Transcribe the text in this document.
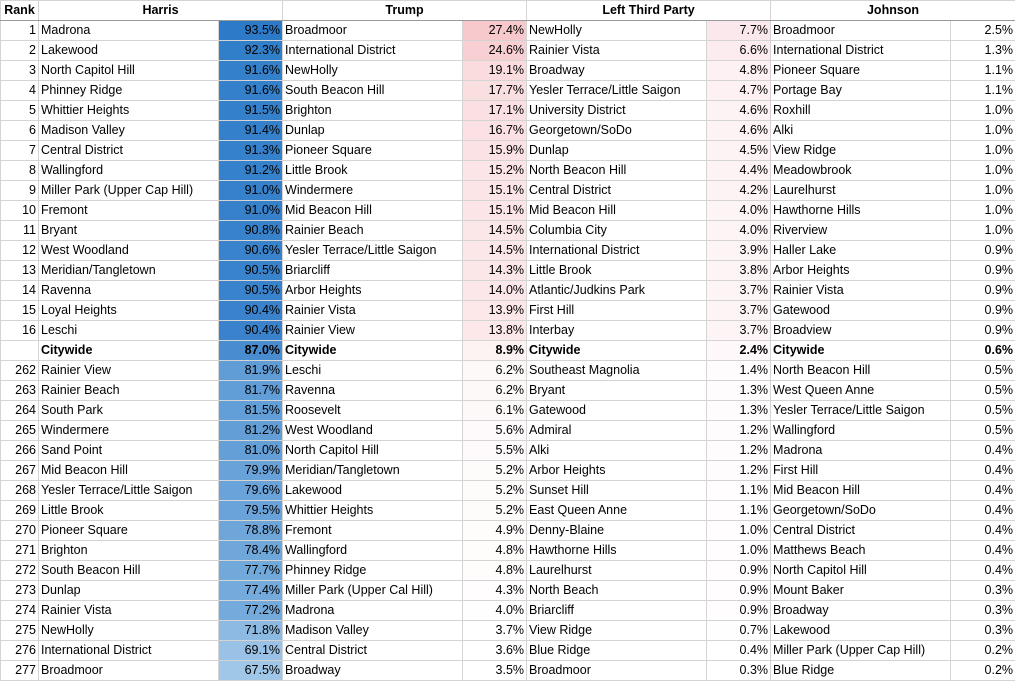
Rank	Harris		Trump		Left Third Party		Johnson	
1	Madrona	93.5%	Broadmoor	27.4%	NewHolly	7.7%	Broadmoor	2.5%
2	Lakewood	92.3%	International District	24.6%	Rainier Vista	6.6%	International District	1.3%
3	North Capitol Hill	91.6%	NewHolly	19.1%	Broadway	4.8%	Pioneer Square	1.1%
4	Phinney Ridge	91.6%	South Beacon Hill	17.7%	Yesler Terrace/Little Saigon	4.7%	Portage Bay	1.1%
5	Whittier Heights	91.5%	Brighton	17.1%	University District	4.6%	Roxhill	1.0%
6	Madison Valley	91.4%	Dunlap	16.7%	Georgetown/SoDo	4.6%	Alki	1.0%
7	Central District	91.3%	Pioneer Square	15.9%	Dunlap	4.5%	View Ridge	1.0%
8	Wallingford	91.2%	Little Brook	15.2%	North Beacon Hill	4.4%	Meadowbrook	1.0%
9	Miller Park (Upper Cap Hill)	91.0%	Windermere	15.1%	Central District	4.2%	Laurelhurst	1.0%
10	Fremont	91.0%	Mid Beacon Hill	15.1%	Mid Beacon Hill	4.0%	Hawthorne Hills	1.0%
11	Bryant	90.8%	Rainier Beach	14.5%	Columbia City	4.0%	Riverview	1.0%
12	West Woodland	90.6%	Yesler Terrace/Little Saigon	14.5%	International District	3.9%	Haller Lake	0.9%
13	Meridian/Tangletown	90.5%	Briarcliff	14.3%	Little Brook	3.8%	Arbor Heights	0.9%
14	Ravenna	90.5%	Arbor Heights	14.0%	Atlantic/Judkins Park	3.7%	Rainier Vista	0.9%
15	Loyal Heights	90.4%	Rainier Vista	13.9%	First Hill	3.7%	Gatewood	0.9%
16	Leschi	90.4%	Rainier View	13.8%	Interbay	3.7%	Broadview	0.9%
	Citywide	87.0%	Citywide	8.9%	Citywide	2.4%	Citywide	0.6%
262	Rainier View	81.9%	Leschi	6.2%	Southeast Magnolia	1.4%	North Beacon Hill	0.5%
263	Rainier Beach	81.7%	Ravenna	6.2%	Bryant	1.3%	West Queen Anne	0.5%
264	South Park	81.5%	Roosevelt	6.1%	Gatewood	1.3%	Yesler Terrace/Little Saigon	0.5%
265	Windermere	81.2%	West Woodland	5.6%	Admiral	1.2%	Wallingford	0.5%
266	Sand Point	81.0%	North Capitol Hill	5.5%	Alki	1.2%	Madrona	0.4%
267	Mid Beacon Hill	79.9%	Meridian/Tangletown	5.2%	Arbor Heights	1.2%	First Hill	0.4%
268	Yesler Terrace/Little Saigon	79.6%	Lakewood	5.2%	Sunset Hill	1.1%	Mid Beacon Hill	0.4%
269	Little Brook	79.5%	Whittier Heights	5.2%	East Queen Anne	1.1%	Georgetown/SoDo	0.4%
270	Pioneer Square	78.8%	Fremont	4.9%	Denny-Blaine	1.0%	Central District	0.4%
271	Brighton	78.4%	Wallingford	4.8%	Hawthorne Hills	1.0%	Matthews Beach	0.4%
272	South Beacon Hill	77.7%	Phinney Ridge	4.8%	Laurelhurst	0.9%	North Capitol Hill	0.4%
273	Dunlap	77.4%	Miller Park (Upper Cal Hill)	4.3%	North Beach	0.9%	Mount Baker	0.3%
274	Rainier Vista	77.2%	Madrona	4.0%	Briarcliff	0.9%	Broadway	0.3%
275	NewHolly	71.8%	Madison Valley	3.7%	View Ridge	0.7%	Lakewood	0.3%
276	International District	69.1%	Central District	3.6%	Blue Ridge	0.4%	Miller Park (Upper Cap Hill)	0.2%
277	Broadmoor	67.5%	Broadway	3.5%	Broadmoor	0.3%	Blue Ridge	0.2%
